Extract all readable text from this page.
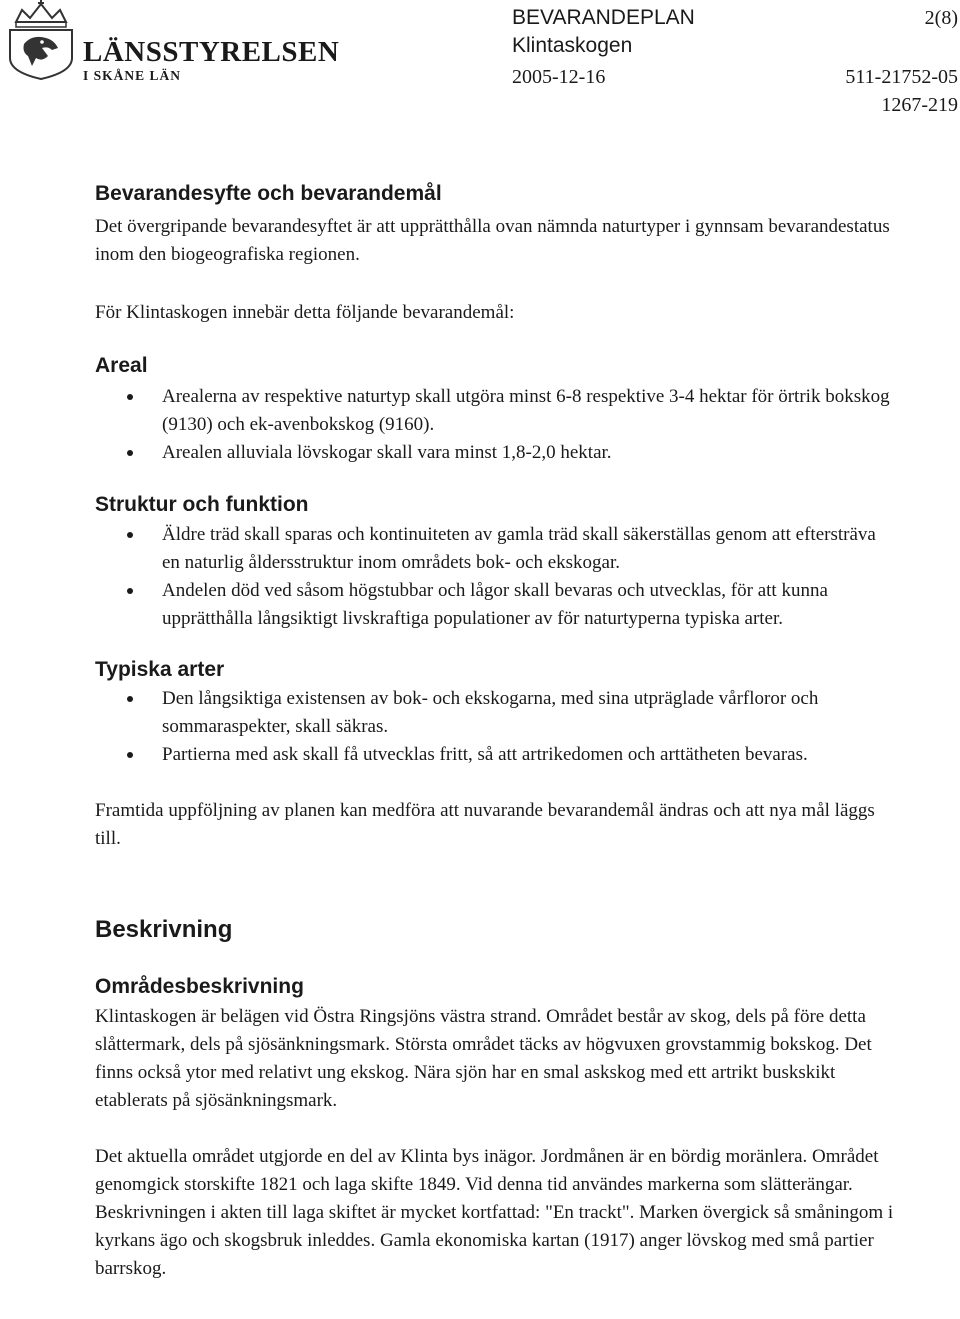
LÄNSSTYRELSEN
I SKÅNE LÄN
BEVARANDEPLAN
Klintaskogen
2(8)
2005-12-16	511-21752-05
1267-219
Bevarandesyfte och bevarandemål

Det övergripande bevarandesyftet är att upprätthålla ovan nämnda naturtyper i gynnsam bevarandestatus inom den biogeografiska regionen.

För Klintaskogen innebär detta följande bevarandemål:

Areal
Arealerna av respektive naturtyp skall utgöra minst 6-8 respektive 3-4 hektar för örtrik bokskog (9130) och ek-avenbokskog (9160).
Arealen alluviala lövskogar skall vara minst 1,8-2,0 hektar.
Struktur och funktion
Äldre träd skall sparas och kontinuiteten av gamla träd skall säkerställas genom att eftersträva en naturlig åldersstruktur inom områdets bok- och ekskogar.
Andelen död ved såsom högstubbar och lågor skall bevaras och utvecklas, för att kunna upprätthålla långsiktigt livskraftiga populationer av för naturtyperna typiska arter.
Typiska arter
Den långsiktiga existensen av bok- och ekskogarna, med sina utpräglade vårfloror och sommaraspekter, skall säkras.
Partierna med ask skall få utvecklas fritt, så att artrikedomen och arttätheten bevaras.

Framtida uppföljning av planen kan medföra att nuvarande bevarandemål ändras och att nya mål läggs till.

Beskrivning
Områdesbeskrivning

Klintaskogen är belägen vid Östra Ringsjöns västra strand. Området består av skog, dels på före detta slåttermark, dels på sjösänkningsmark. Största området täcks av högvuxen grovstammig bokskog. Det finns också ytor med relativt ung ekskog. Nära sjön har en smal askskog med ett artrikt buskskikt etablerats på sjösänkningsmark.

Det aktuella området utgjorde en del av Klinta bys inägor. Jordmånen är en bördig moränlera. Området genomgick storskifte 1821 och laga skifte 1849. Vid denna tid användes markerna som slätterängar. Beskrivningen i akten till laga skiftet är mycket kortfattad: "En trackt". Marken övergick så småningom i kyrkans ägo och skogsbruk inleddes. Gamla ekonomiska kartan (1917) anger lövskog med små partier barrskog.
